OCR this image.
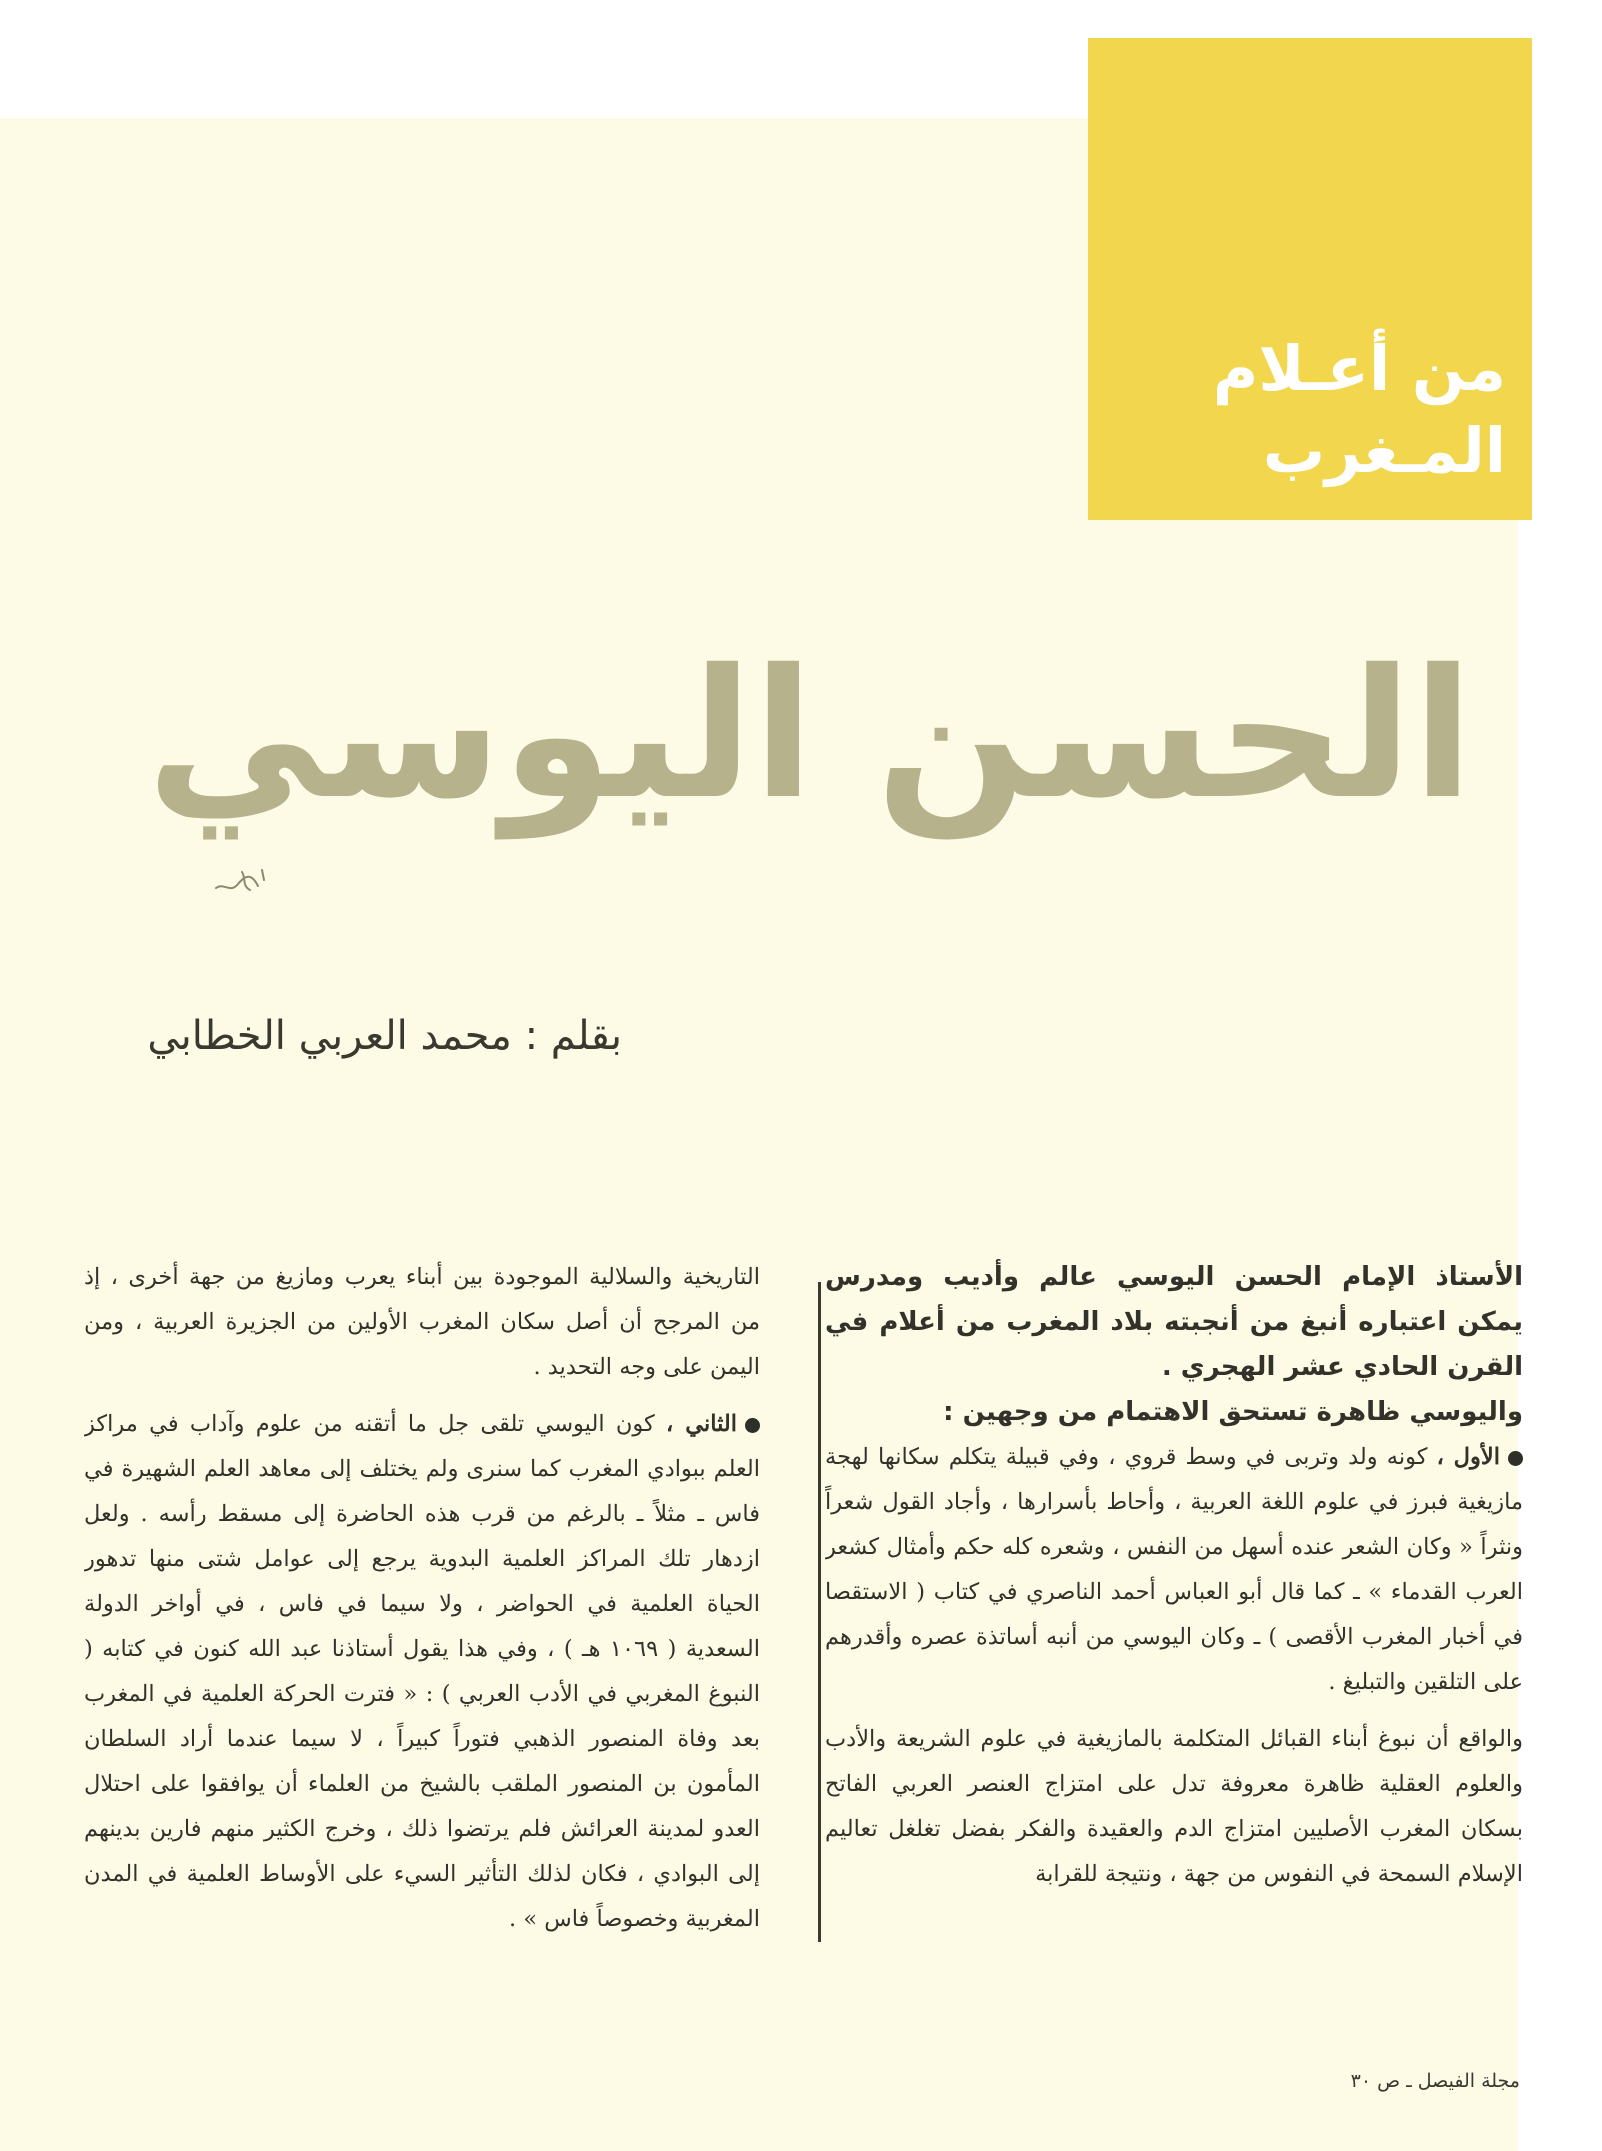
من أعـلام
المـغرب
الحسن اليوسي
بقلم : محمد العربي الخطابي

الأستاذ الإمام الحسن اليوسي عالم وأديب ومدرس يمكن اعتباره أنبغ من أنجبته بلاد المغرب من أعلام في القرن الحادي عشر الهجري .

واليوسي ظاهرة تستحق الاهتمام من وجهين :

الأول ، كونه ولد وتربى في وسط قروي ، وفي قبيلة يتكلم سكانها لهجة مازيغية فبرز في علوم اللغة العربية ، وأحاط بأسرارها ، وأجاد القول شعراً ونثراً « وكان الشعر عنده أسهل من النفس ، وشعره كله حكم وأمثال كشعر العرب القدماء » ـ كما قال أبو العباس أحمد الناصري في كتاب ( الاستقصا في أخبار المغرب الأقصى ) ـ وكان اليوسي من أنبه أساتذة عصره وأقدرهم على التلقين والتبليغ .

والواقع أن نبوغ أبناء القبائل المتكلمة بالمازيغية في علوم الشريعة والأدب والعلوم العقلية ظاهرة معروفة تدل على امتزاج العنصر العربي الفاتح بسكان المغرب الأصليين امتزاج الدم والعقيدة والفكر بفضل تغلغل تعاليم الإسلام السمحة في النفوس من جهة ، ونتيجة للقرابة

التاريخية والسلالية الموجودة بين أبناء يعرب ومازيغ من جهة أخرى ، إذ من المرجح أن أصل سكان المغرب الأولين من الجزيرة العربية ، ومن اليمن على وجه التحديد .

الثاني ، كون اليوسي تلقى جل ما أتقنه من علوم وآداب في مراكز العلم ببوادي المغرب كما سنرى ولم يختلف إلى معاهد العلم الشهيرة في فاس ـ مثلاً ـ بالرغم من قرب هذه الحاضرة إلى مسقط رأسه . ولعل ازدهار تلك المراكز العلمية البدوية يرجع إلى عوامل شتى منها تدهور الحياة العلمية في الحواضر ، ولا سيما في فاس ، في أواخر الدولة السعدية ( ١٠٦٩ هـ ) ، وفي هذا يقول أستاذنا عبد الله كنون في كتابه ( النبوغ المغربي في الأدب العربي ) : « فترت الحركة العلمية في المغرب بعد وفاة المنصور الذهبي فتوراً كبيراً ، لا سيما عندما أراد السلطان المأمون بن المنصور الملقب بالشيخ من العلماء أن يوافقوا على احتلال العدو لمدينة العرائش فلم يرتضوا ذلك ، وخرج الكثير منهم فارين بدينهم إلى البوادي ، فكان لذلك التأثير السيء على الأوساط العلمية في المدن المغربية وخصوصاً فاس » .

مجلة الفيصل ـ ص ٣٠
